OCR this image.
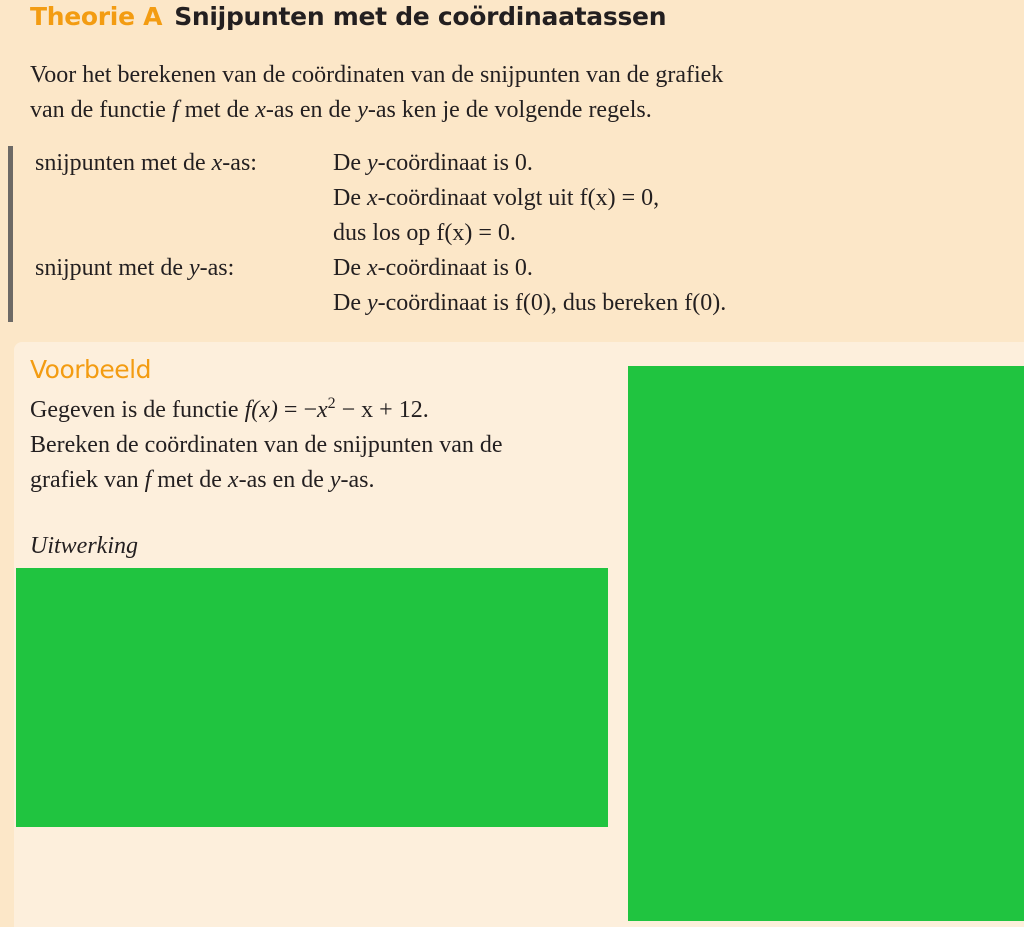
Theorie A Snijpunten met de coördinaatassen

Voor het berekenen van de coördinaten van de snijpunten van de grafiek

van de functie f met de x-as en de y-as ken je de volgende regels.

snijpunten met de x-as:	De y-coördinaat is 0.
De x-coördinaat volgt uit f(x) = 0,
dus los op f(x) = 0.
snijpunt met de y-as:	De x-coördinaat is 0.
De y-coördinaat is f(0), dus bereken f(0).
Voorbeeld

Gegeven is de functie $f(x) = -x^2 - x + 12$.

Bereken de coördinaten van de snijpunten van de

grafiek van f met de x-as en de y-as.

Uitwerking
